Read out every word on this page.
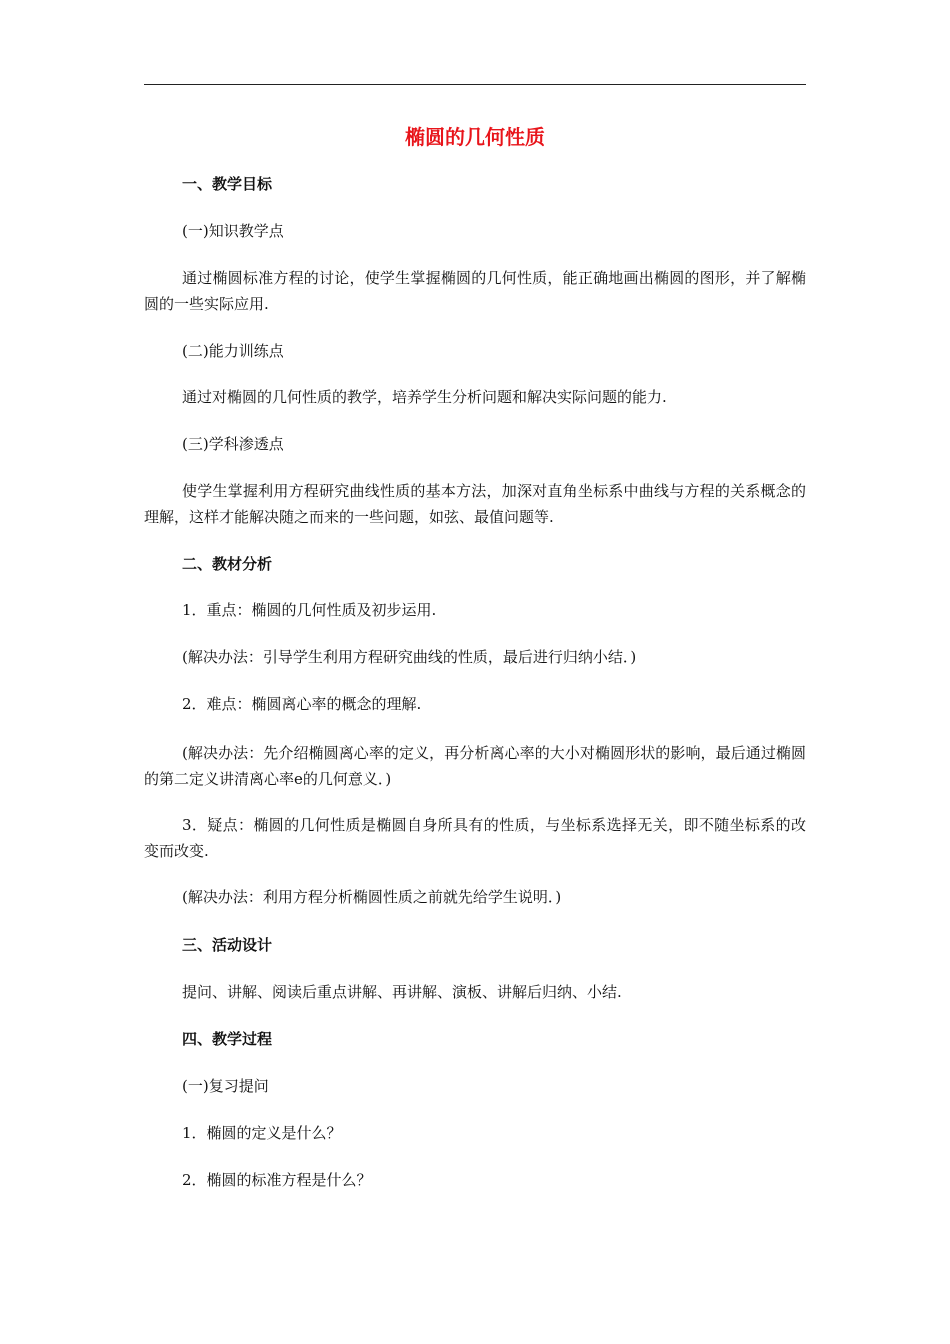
椭圆的几何性质
一、教学目标
(一)知识教学点
通过椭圆标准方程的讨论，使学生掌握椭圆的几何性质，能正确地画出椭圆的图形，并了解椭圆的一些实际应用.
(二)能力训练点
通过对椭圆的几何性质的教学，培养学生分析问题和解决实际问题的能力.
(三)学科渗透点
使学生掌握利用方程研究曲线性质的基本方法，加深对直角坐标系中曲线与方程的关系概念的理解，这样才能解决随之而来的一些问题，如弦、最值问题等.
二、教材分析
1．重点：椭圆的几何性质及初步运用.
(解决办法：引导学生利用方程研究曲线的性质，最后进行归纳小结．)
2．难点：椭圆离心率的概念的理解.
(解决办法：先介绍椭圆离心率的定义，再分析离心率的大小对椭圆形状的影响，最后通过椭圆的第二定义讲清离心率e的几何意义．)
3．疑点：椭圆的几何性质是椭圆自身所具有的性质，与坐标系选择无关，即不随坐标系的改变而改变.
(解决办法：利用方程分析椭圆性质之前就先给学生说明．)
三、活动设计
提问、讲解、阅读后重点讲解、再讲解、演板、讲解后归纳、小结.
四、教学过程
(一)复习提问
1．椭圆的定义是什么？
2．椭圆的标准方程是什么？
